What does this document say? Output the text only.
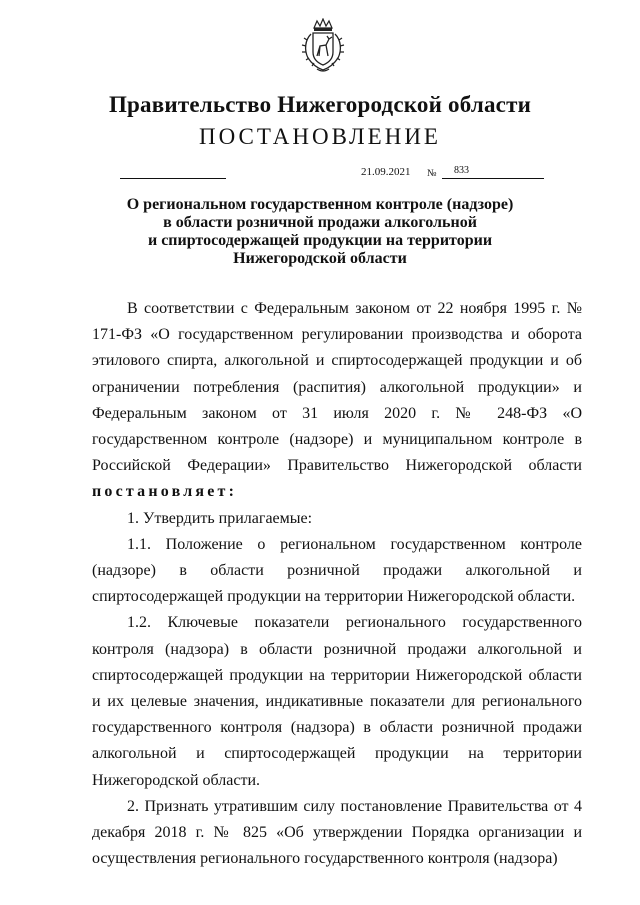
Правительство Нижегородской области
ПОСТАНОВЛЕНИЕ
21.09.2021 № 833
О региональном государственном контроле (надзоре)
в области розничной продажи алкогольной
и спиртосодержащей продукции на территории
Нижегородской области

В соответствии с Федеральным законом от 22 ноября 1995 г. № 171-ФЗ «О государственном регулировании производства и оборота этилового спирта, алкогольной и спиртосодержащей продукции и об ограничении потребления (распития) алкогольной продукции» и Федеральным законом от 31 июля 2020 г. № 248-ФЗ «О государственном контроле (надзоре) и муниципальном контроле в Российской Федерации» Правительство Нижегородской области постановляет:

1. Утвердить прилагаемые:

1.1. Положение о региональном государственном контроле (надзоре) в области розничной продажи алкогольной и спиртосодержащей продукции на территории Нижегородской области.

1.2. Ключевые показатели регионального государственного контроля (надзора) в области розничной продажи алкогольной и спиртосодержащей продукции на территории Нижегородской области и их целевые значения, индикативные показатели для регионального государственного контроля (надзора) в области розничной продажи алкогольной и спиртосодержащей продукции на территории Нижегородской области.

2. Признать утратившим силу постановление Правительства от 4 декабря 2018 г. № 825 «Об утверждении Порядка организации и осуществления регионального государственного контроля (надзора)
